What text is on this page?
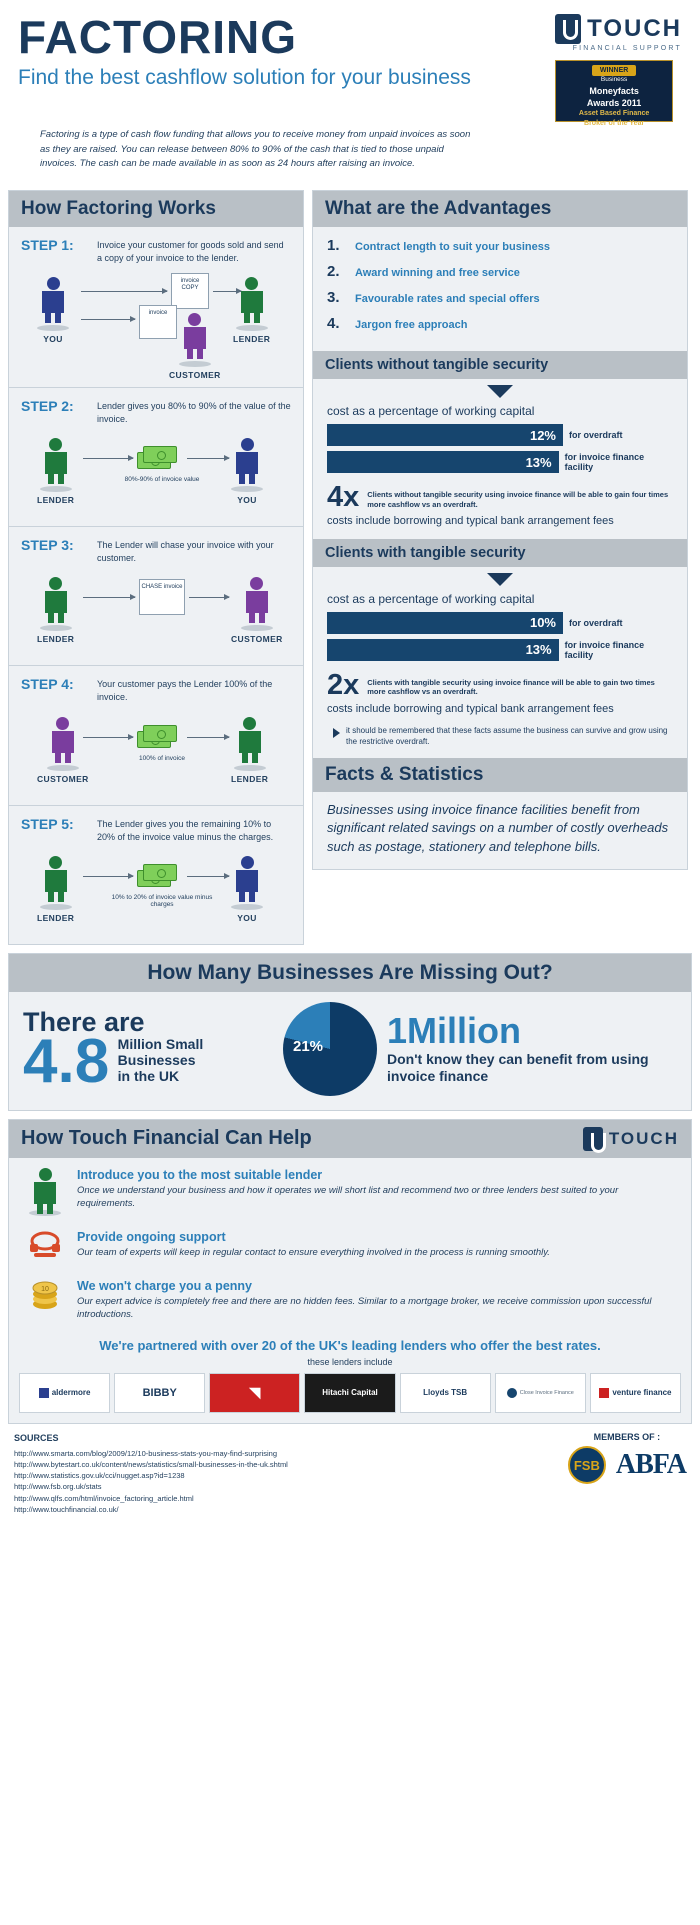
FACTORING
Find the best cashflow solution for your business
TOUCH
FINANCIAL SUPPORT
WINNER
Business
Moneyfacts
Awards 2011
Asset Based Finance
Broker of the Year
Factoring is a type of cash flow funding that allows you to receive money from unpaid invoices as soon as they are raised. You can release between 80% to 90% of the cash that is tied to those unpaid invoices. The cash can be made available in as soon as 24 hours after raising an invoice.
How Factoring Works
STEP 1:	Invoice your customer for goods sold and send a copy of your invoice to the lender.
YOU
invoice COPY
invoice
LENDER
CUSTOMER
STEP 2:	Lender gives you 80% to 90% of the value of the invoice.
LENDER
80%-90% of invoice value
YOU
STEP 3:	The Lender will chase your invoice with your customer.
LENDER
CHASE invoice
CUSTOMER
STEP 4:	Your customer pays the Lender 100% of the invoice.
CUSTOMER
100% of invoice
LENDER
STEP 5:	The Lender gives you the remaining 10% to 20% of the invoice value minus the charges.
LENDER
10% to 20% of invoice value minus charges
YOU
What are the Advantages
1.	Contract length to suit your business
2.	Award winning and free service
3.	Favourable rates and special offers
4.	Jargon free approach
Clients without tangible security
cost as a percentage of working capital
12%	for overdraft
13%	for invoice finance facility
4x Clients without tangible security using invoice finance will be able to gain four times more cashflow vs an overdraft.
costs include borrowing and typical bank arrangement fees
Clients with tangible security
cost as a percentage of working capital
10%	for overdraft
13%	for invoice finance facility
2x Clients with tangible security using invoice finance will be able to gain two times more cashflow vs an overdraft.
costs include borrowing and typical bank arrangement fees
it should be remembered that these facts assume the business can survive and grow using the restrictive overdraft.
Facts & Statistics
Businesses using invoice finance facilities benefit from significant related savings on a number of costly overheads such as postage, stationery and telephone bills.
How Many Businesses Are Missing Out?
There are
4.8 Million Small
Businesses
in the UK
21% 1Million
Don't know they can benefit from using invoice finance
How Touch Financial Can Help	TOUCH
Introduce you to the most suitable lender
Once we understand your business and how it operates we will short list and recommend two or three lenders best suited to your requirements.
Provide ongoing support
Our team of experts will keep in regular contact to ensure everything involved in the process is running smoothly.
10 We won't charge you a penny
Our expert advice is completely free and there are no hidden fees. Similar to a mortgage broker, we receive commission upon successful introductions.
We're partnered with over 20 of the UK's leading lenders who offer the best rates.
these lenders include
aldermore	BIBBY	◥	Hitachi Capital	Lloyds TSB	Close Invoice Finance	venture finance
SOURCES
http://www.smarta.com/blog/2009/12/10-business-stats-you-may-find-surprising
http://www.bytestart.co.uk/content/news/statistics/small-businesses-in-the-uk.shtml
http://www.statistics.gov.uk/cci/nugget.asp?id=1238
http://www.fsb.org.uk/stats
http://www.qlfs.com/html/invoice_factoring_article.html
http://www.touchfinancial.co.uk/
MEMBERS OF :
FSB ABFA
